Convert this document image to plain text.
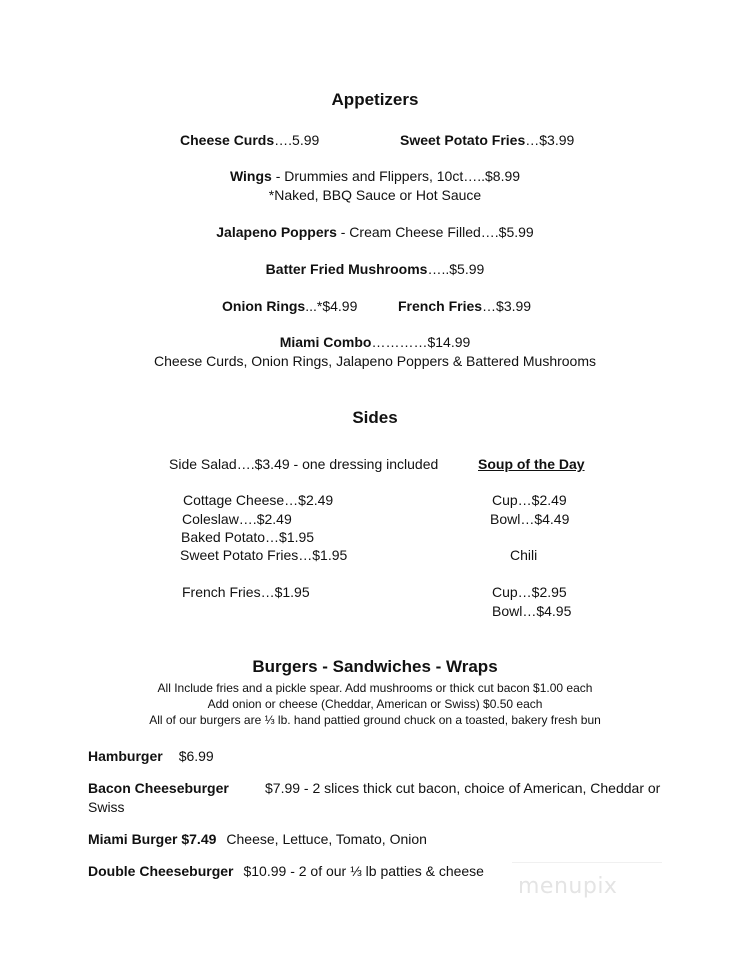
Appetizers
Cheese Curds….5.99	Sweet Potato Fries…$3.99
Wings - Drummies and Flippers, 10ct…..$8.99
*Naked, BBQ Sauce or Hot Sauce
Jalapeno Poppers - Cream Cheese Filled….$5.99
Batter Fried Mushrooms…..$5.99
Onion Rings...*$4.99	French Fries…$3.99
Miami Combo…………$14.99
Cheese Curds, Onion Rings, Jalapeno Poppers & Battered Mushrooms
Sides
Side Salad….$3.49 - one dressing included	Soup of the Day
Cottage Cheese…$2.49	Cup…$2.49
Coleslaw….$2.49	Bowl…$4.49
Baked Potato…$1.95
Sweet Potato Fries…$1.95	Chili
French Fries…$1.95	Cup…$2.95
Bowl…$4.95
Burgers - Sandwiches - Wraps
All Include fries and a pickle spear. Add mushrooms or thick cut bacon $1.00 each
Add onion or cheese (Cheddar, American or Swiss) $0.50 each
All of our burgers are ⅓ lb. hand pattied ground chuck on a toasted, bakery fresh bun
Hamburger $6.99
Bacon Cheeseburger	$7.99 - 2 slices thick cut bacon, choice of American, Cheddar or
Swiss
Miami Burger $7.49 Cheese, Lettuce, Tomato, Onion
Double Cheeseburger $10.99 - 2 of our ⅓ lb patties & cheese
menupix
